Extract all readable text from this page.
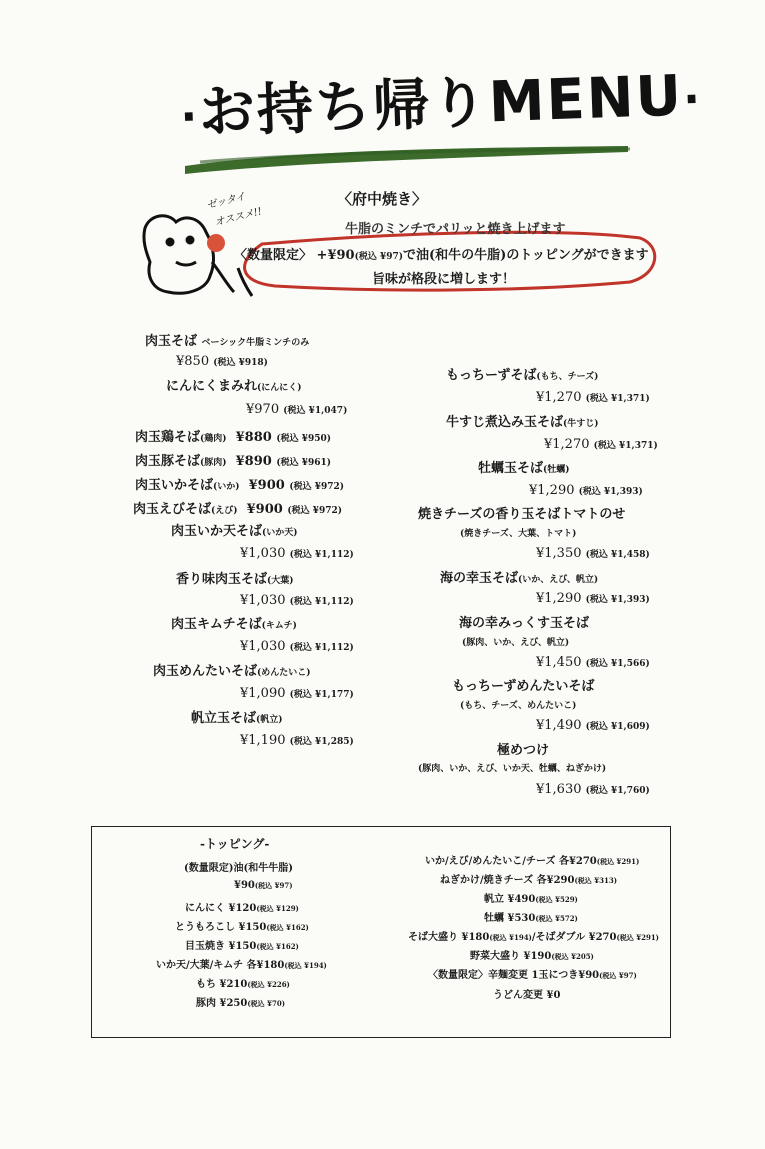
·お持ち帰りMENU·
ゼッタイ
オススメ!!
〈府中焼き〉
牛脂のミンチでパリッと焼き上げます
〈数量限定〉 +¥90(税込 ¥97)で油(和牛の牛脂)のトッピングができます
旨味が格段に増します！
肉玉そば ベーシック牛脂ミンチのみ
¥850 (税込 ¥918)
にんにくまみれ(にんにく)
¥970 (税込 ¥1,047)
肉玉鶏そば(鶏肉) ¥880 (税込 ¥950)
肉玉豚そば(豚肉) ¥890 (税込 ¥961)
肉玉いかそば(いか) ¥900 (税込 ¥972)
肉玉えびそば(えび) ¥900 (税込 ¥972)
肉玉いか天そば(いか天)
¥1,030 (税込 ¥1,112)
香り味肉玉そば(大葉)
¥1,030 (税込 ¥1,112)
肉玉キムチそば(キムチ)
¥1,030 (税込 ¥1,112)
肉玉めんたいそば(めんたいこ)
¥1,090 (税込 ¥1,177)
帆立玉そば(帆立)
¥1,190 (税込 ¥1,285)
もっちーずそば(もち、チーズ)
¥1,270 (税込 ¥1,371)
牛すじ煮込み玉そば(牛すじ)
¥1,270 (税込 ¥1,371)
牡蠣玉そば(牡蠣)
¥1,290 (税込 ¥1,393)
焼きチーズの香り玉そばトマトのせ
(焼きチーズ、大葉、トマト)
¥1,350 (税込 ¥1,458)
海の幸玉そば(いか、えび、帆立)
¥1,290 (税込 ¥1,393)
海の幸みっくす玉そば
(豚肉、いか、えび、帆立)
¥1,450 (税込 ¥1,566)
もっちーずめんたいそば
(もち、チーズ、めんたいこ)
¥1,490 (税込 ¥1,609)
極めつけ
(豚肉、いか、えび、いか天、牡蠣、ねぎかけ)
¥1,630 (税込 ¥1,760)
-トッピング-
(数量限定)油(和牛牛脂)
¥90(税込 ¥97)
にんにく ¥120(税込 ¥129)
とうもろこし ¥150(税込 ¥162)
目玉焼き ¥150(税込 ¥162)
いか天/大葉/キムチ 各¥180(税込 ¥194)
もち ¥210(税込 ¥226)
豚肉 ¥250(税込 ¥70)
いか/えび/めんたいこ/チーズ 各¥270(税込 ¥291)
ねぎかけ/焼きチーズ 各¥290(税込 ¥313)
帆立 ¥490(税込 ¥529)
牡蠣 ¥530(税込 ¥572)
そば大盛り ¥180(税込 ¥194)/そばダブル ¥270(税込 ¥291)
野菜大盛り ¥190(税込 ¥205)
〈数量限定〉辛麺変更 1玉につき¥90(税込 ¥97)
うどん変更 ¥0
